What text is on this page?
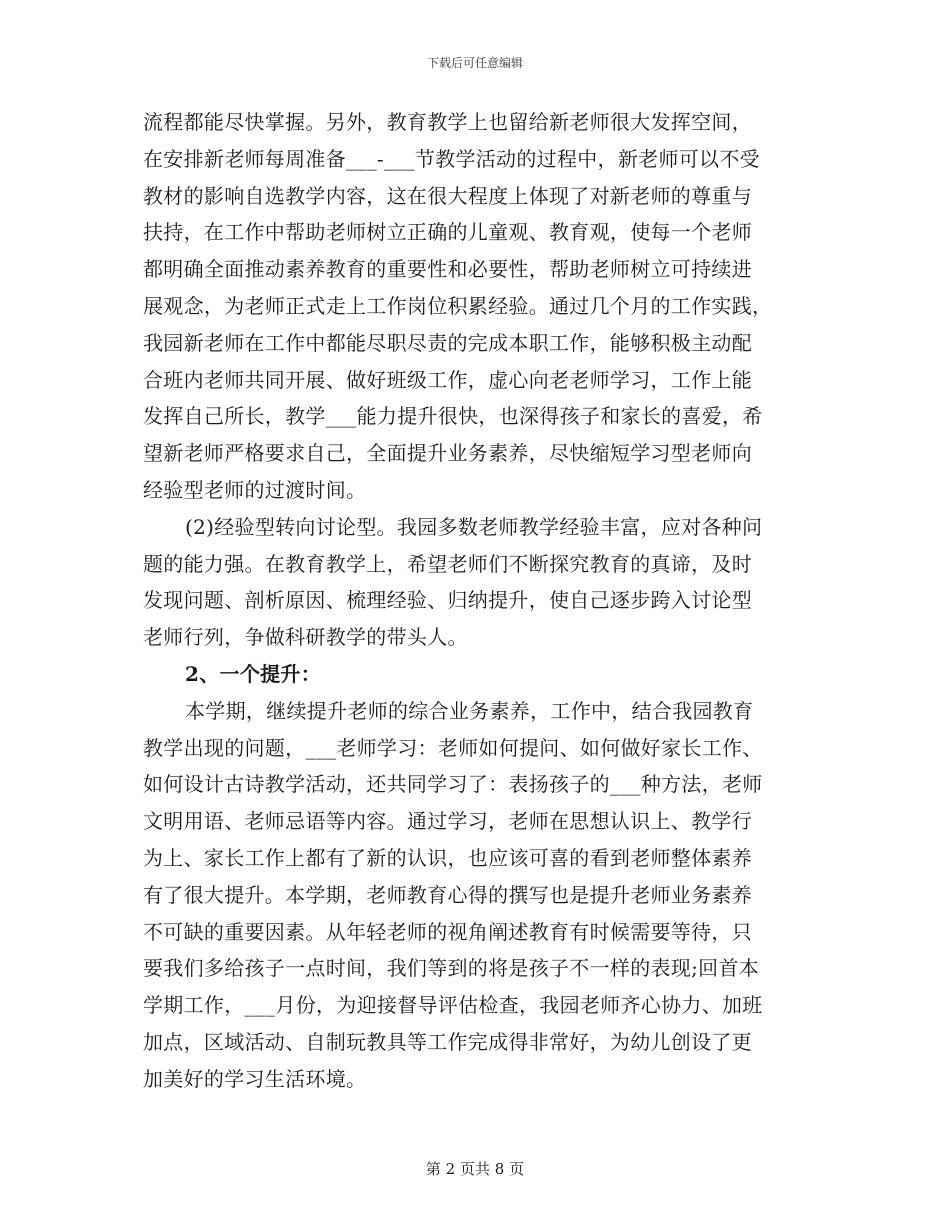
下载后可任意编辑
流程都能尽快掌握。另外，教育教学上也留给新老师很大发挥空间，
在安排新老师每周准备___-___节教学活动的过程中，新老师可以不受
教材的影响自选教学内容，这在很大程度上体现了对新老师的尊重与
扶持，在工作中帮助老师树立正确的儿童观、教育观，使每一个老师
都明确全面推动素养教育的重要性和必要性，帮助老师树立可持续进
展观念，为老师正式走上工作岗位积累经验。通过几个月的工作实践，
我园新老师在工作中都能尽职尽责的完成本职工作，能够积极主动配
合班内老师共同开展、做好班级工作，虚心向老老师学习，工作上能
发挥自己所长，教学___能力提升很快，也深得孩子和家长的喜爱，希
望新老师严格要求自己，全面提升业务素养，尽快缩短学习型老师向
经验型老师的过渡时间。
(2)经验型转向讨论型。我园多数老师教学经验丰富，应对各种问
题的能力强。在教育教学上，希望老师们不断探究教育的真谛，及时
发现问题、剖析原因、梳理经验、归纳提升，使自己逐步跨入讨论型
老师行列，争做科研教学的带头人。
2、一个提升：
本学期，继续提升老师的综合业务素养，工作中，结合我园教育
教学出现的问题，___老师学习：老师如何提问、如何做好家长工作、
如何设计古诗教学活动，还共同学习了：表扬孩子的___种方法，老师
文明用语、老师忌语等内容。通过学习，老师在思想认识上、教学行
为上、家长工作上都有了新的认识，也应该可喜的看到老师整体素养
有了很大提升。本学期，老师教育心得的撰写也是提升老师业务素养
不可缺的重要因素。从年轻老师的视角阐述教育有时候需要等待，只
要我们多给孩子一点时间，我们等到的将是孩子不一样的表现;回首本
学期工作，___月份，为迎接督导评估检查，我园老师齐心协力、加班
加点，区域活动、自制玩教具等工作完成得非常好，为幼儿创设了更
加美好的学习生活环境。
第 2 页共 8 页
